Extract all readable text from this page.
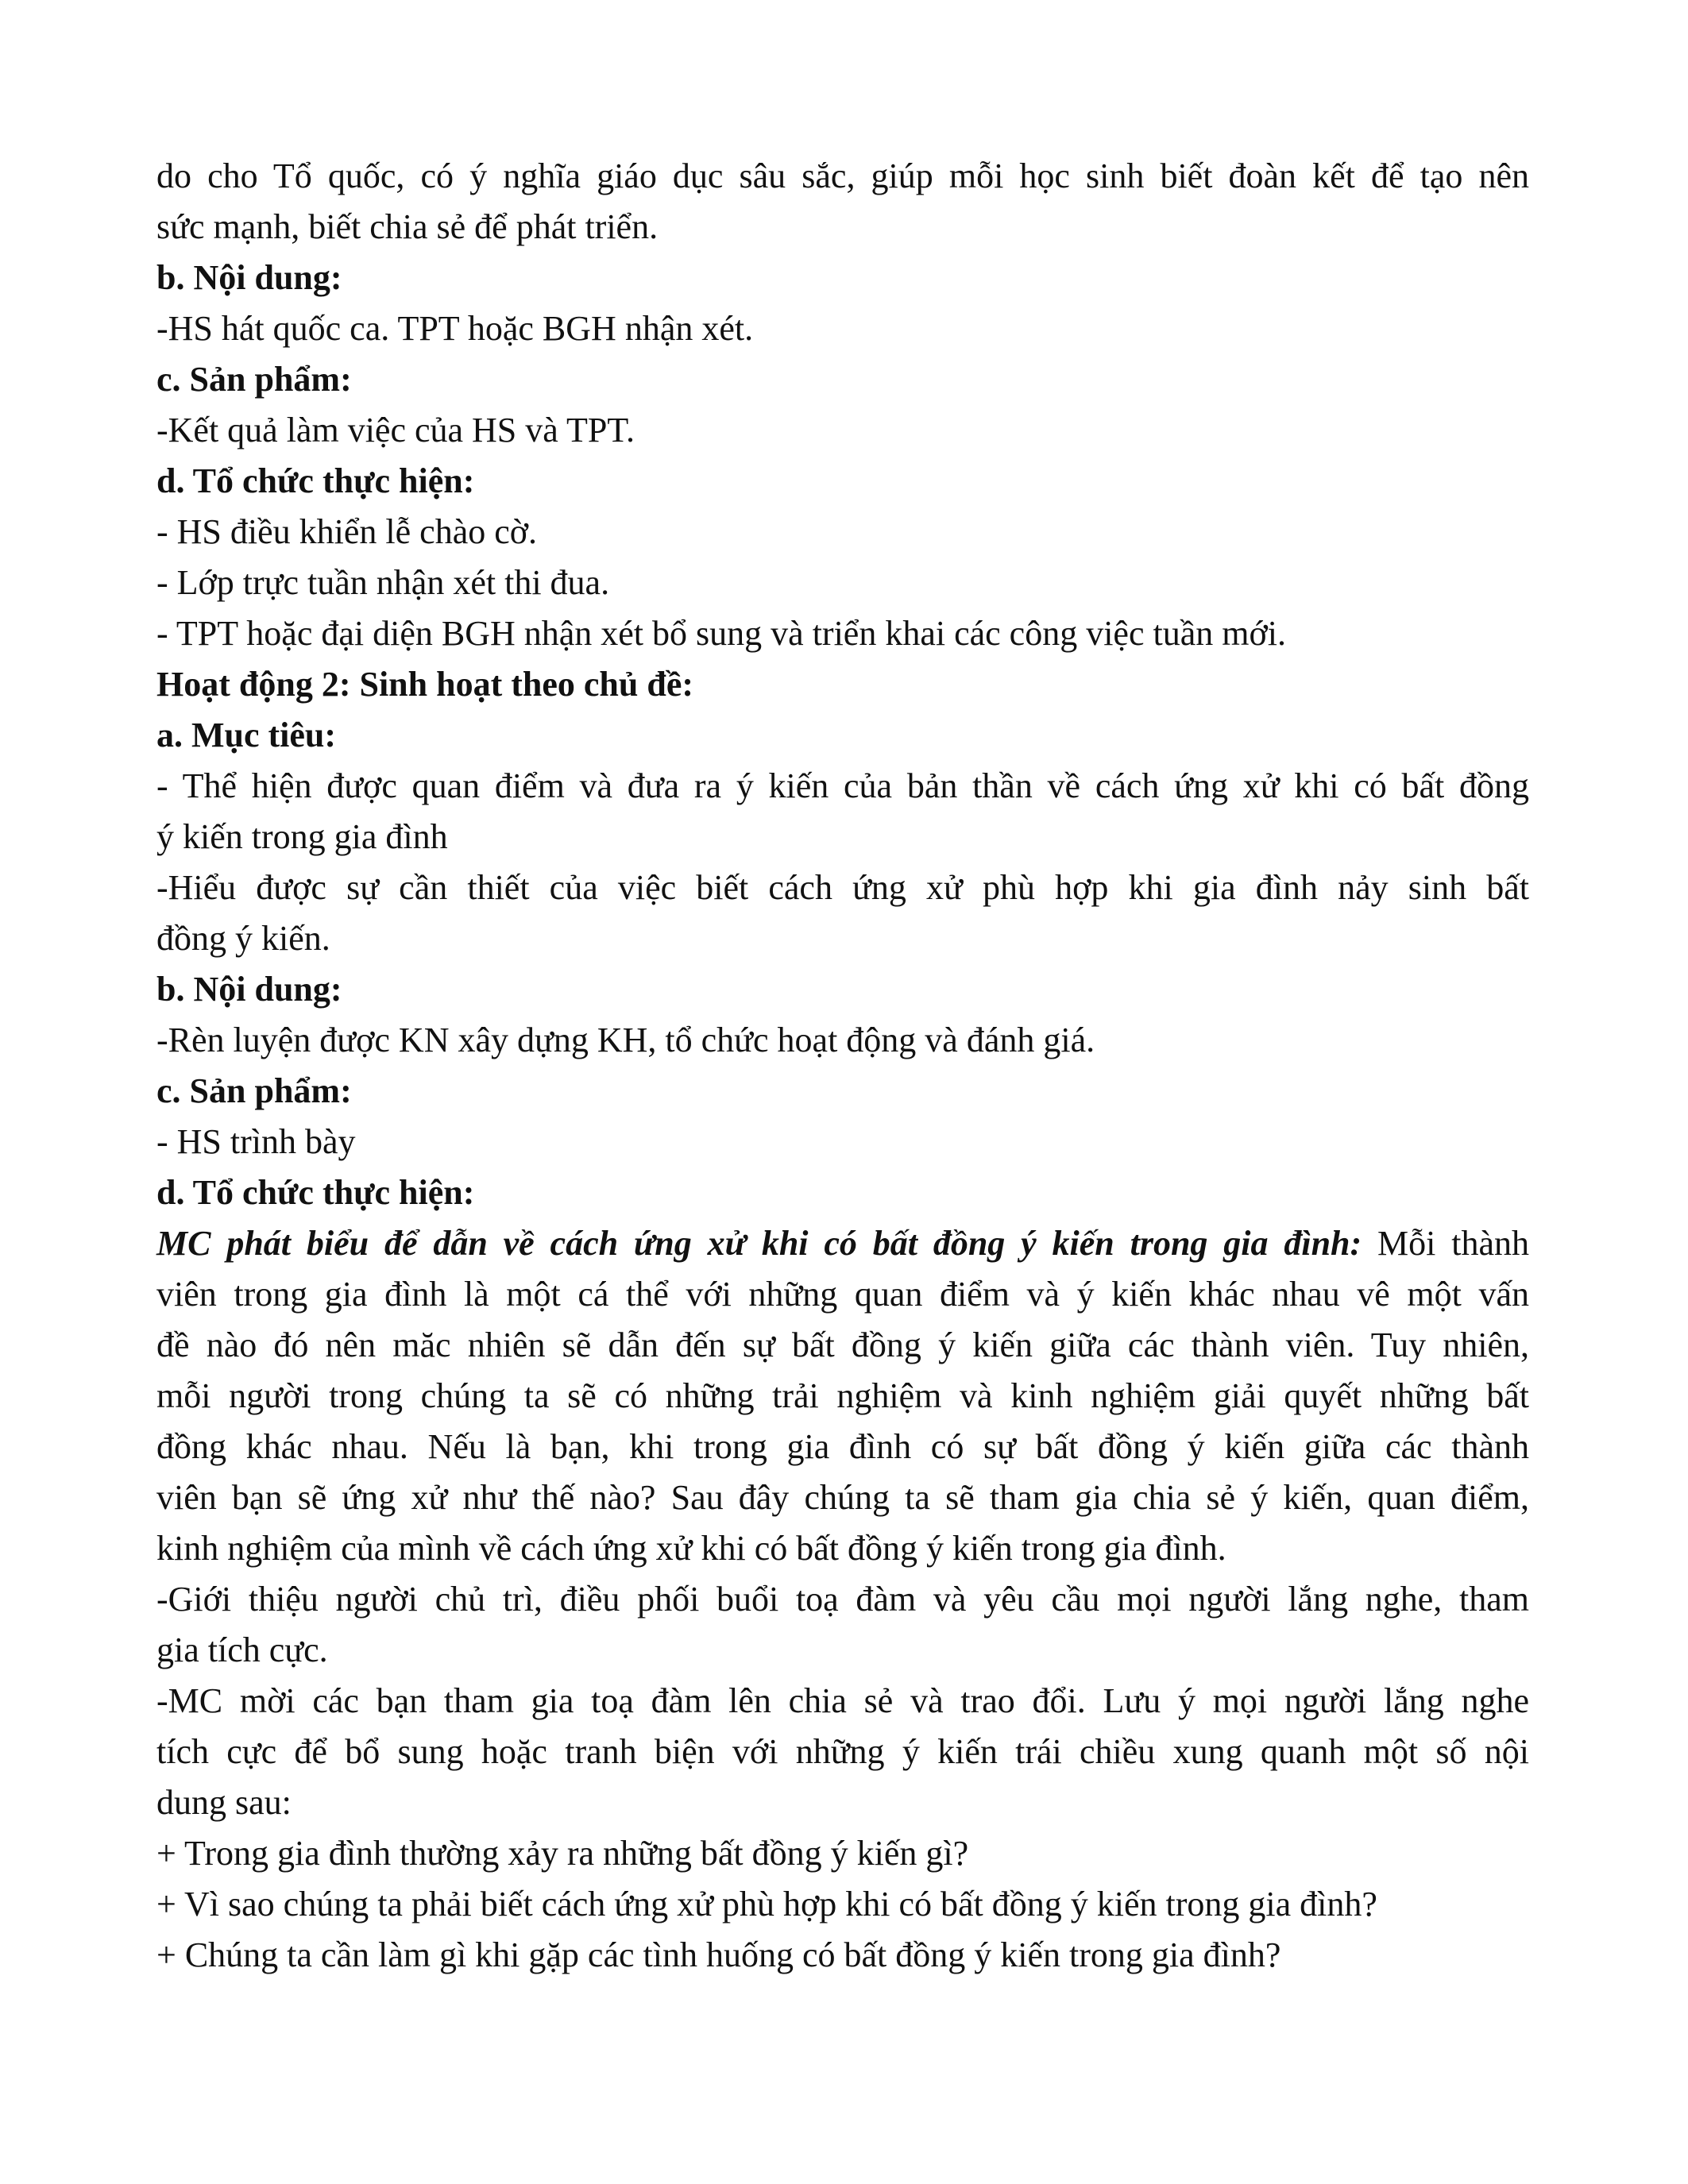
do cho Tổ quốc, có ý nghĩa giáo dục sâu sắc, giúp mỗi học sinh biết đoàn kết để tạo nên

sức mạnh, biết chia sẻ để phát triển.

b. Nội dung:

-HS hát quốc ca. TPT hoặc BGH nhận xét.

c. Sản phẩm:

-Kết quả làm việc của HS và TPT.

d. Tổ chức thực hiện:

- HS điều khiển lễ chào cờ.

- Lớp trực tuần nhận xét thi đua.

- TPT hoặc đại diện BGH nhận xét bổ sung và triển khai các công việc tuần mới.

Hoạt động 2: Sinh hoạt theo chủ đề:

a. Mục tiêu:

- Thể hiện được quan điểm và đưa ra ý kiến của bản thần về cách ứng xử khi có bất đồng

ý kiến trong gia đình

-Hiểu được sự cần thiết của việc biết cách ứng xử phù hợp khi gia đình nảy sinh bất

đồng ý kiến.

b. Nội dung:

-Rèn luyện được KN xây dựng KH, tổ chức hoạt động và đánh giá.

c. Sản phẩm:

- HS trình bày

d. Tổ chức thực hiện:

MC phát biểu để dẫn về cách ứng xử khi có bất đồng ý kiến trong gia đình: Mỗi thành

viên trong gia đình là một cá thể với những quan điểm và ý kiến khác nhau vê một vấn

đề nào đó nên măc nhiên sẽ dẫn đến sự bất đồng ý kiến giữa các thành viên. Tuy nhiên,

mỗi người trong chúng ta sẽ có những trải nghiệm và kinh nghiệm giải quyết những bất

đồng khác nhau. Nếu là bạn, khi trong gia đình có sự bất đồng ý kiến giữa các thành

viên bạn sẽ ứng xử như thế nào? Sau đây chúng ta sẽ tham gia chia sẻ ý kiến, quan điểm,

kinh nghiệm của mình về cách ứng xử khi có bất đồng ý kiến trong gia đình.

-Giới thiệu người chủ trì, điều phối buổi toạ đàm và yêu cầu mọi người lắng nghe, tham

gia tích cực.

-MC mời các bạn tham gia toạ đàm lên chia sẻ và trao đổi. Lưu ý mọi người lắng nghe

tích cực để bổ sung hoặc tranh biện với những ý kiến trái chiều xung quanh một số nội

dung sau:

+ Trong gia đình thường xảy ra những bất đồng ý kiến gì?

+ Vì sao chúng ta phải biết cách ứng xử phù hợp khi có bất đồng ý kiến trong gia đình?

+ Chúng ta cần làm gì khi gặp các tình huống có bất đồng ý kiến trong gia đình?
